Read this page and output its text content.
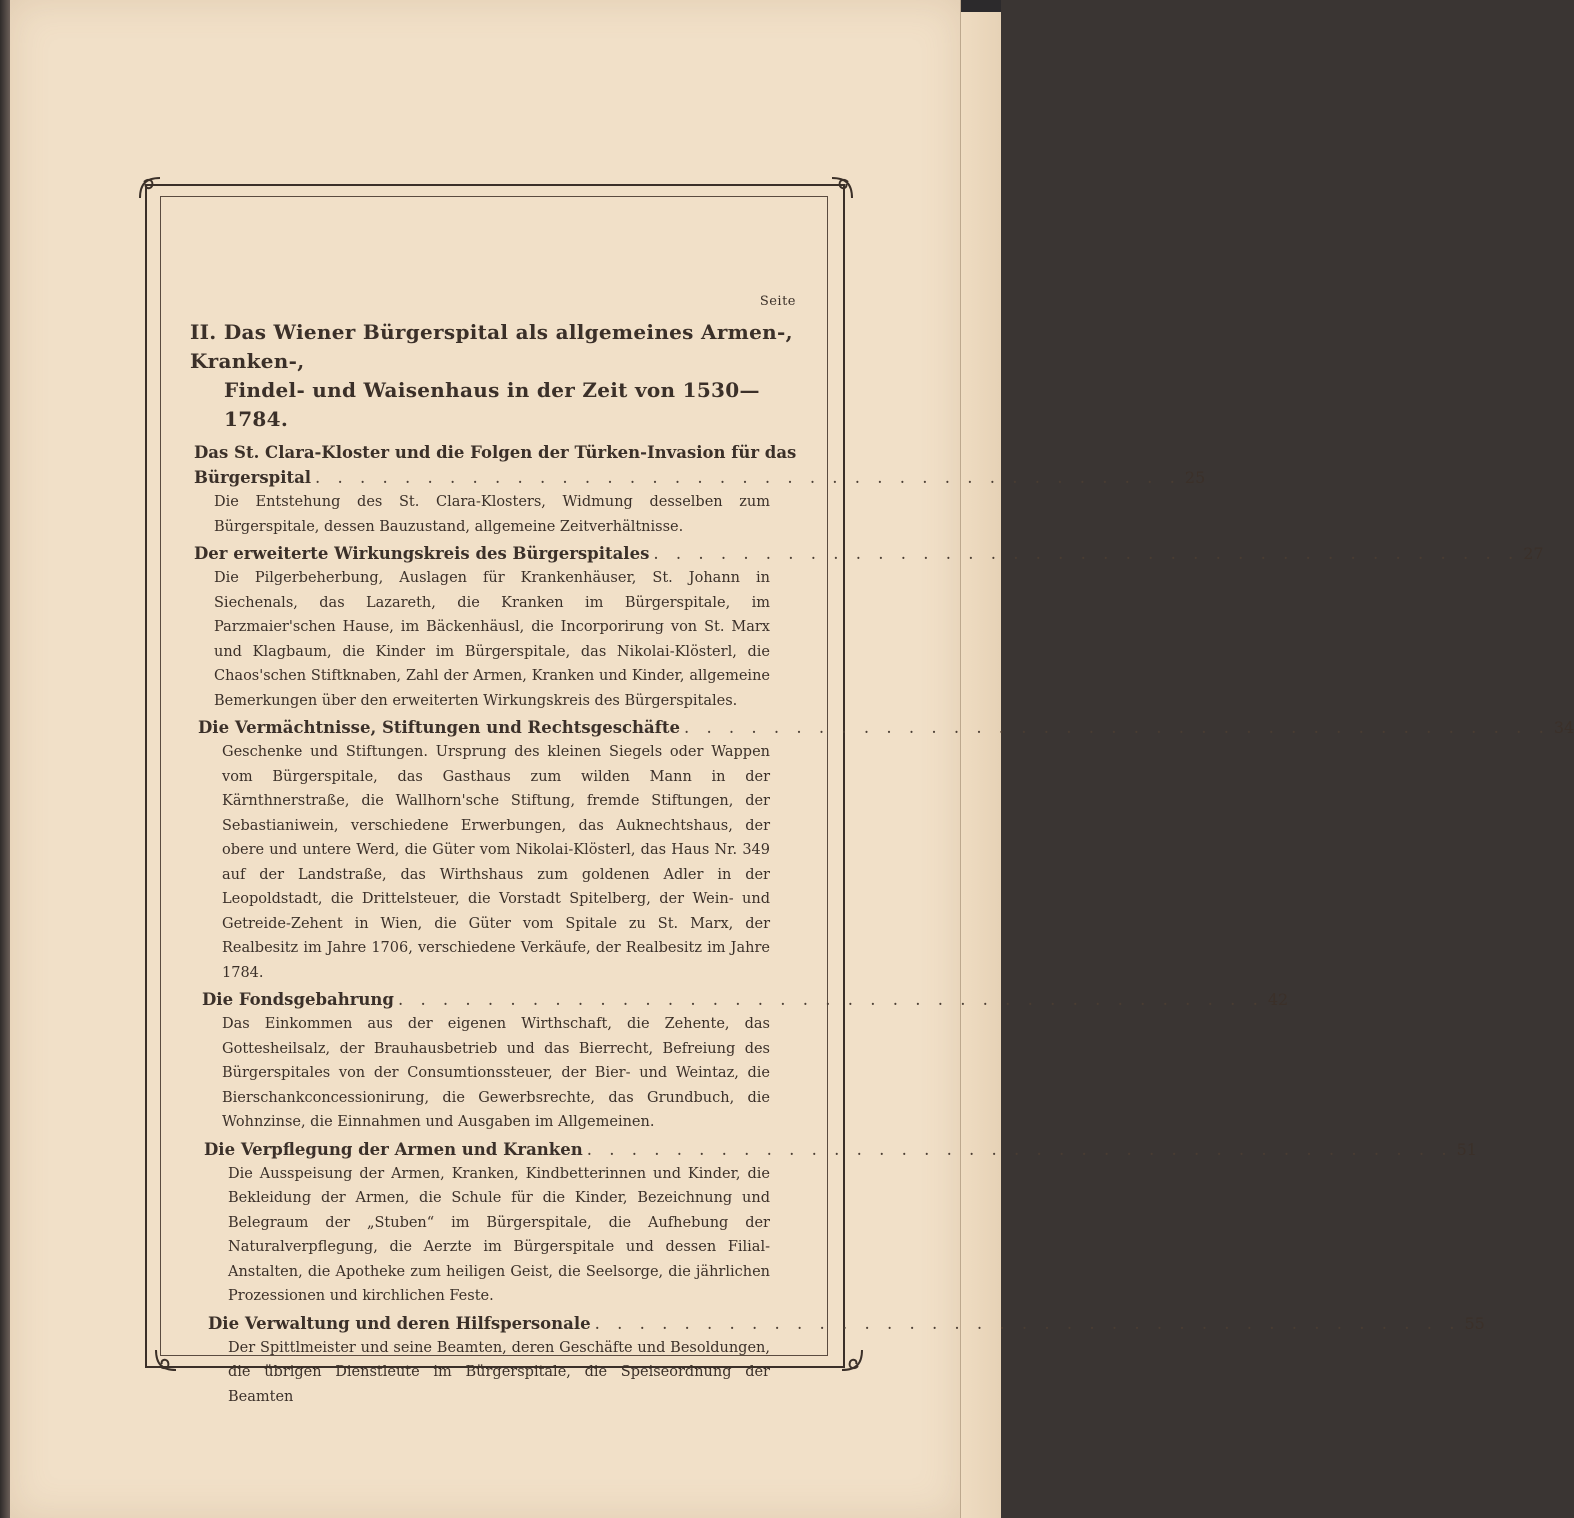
Seite
II. Das Wiener Bürgerspital als allgemeines Armen-, Kranken-,
Findel- und Waisenhaus in der Zeit von 1530—1784.
Das St. Clara-Kloster und die Folgen der Türken-Invasion für das
Bürgerspital . . . . . . . . . . . . . . . . . . . . . . . . . . . . . . . . . . . . . . . 25
Die Entstehung des St. Clara-Klosters, Widmung desselben zum Bürgerspitale, dessen Bauzustand, allgemeine Zeitverhältnisse.
Der erweiterte Wirkungskreis des Bürgerspitales . . . . . . . . . . . . . . . . . . . . . . . . . . . . . . . . . . . . . . . 27
Die Pilgerbeherbung, Auslagen für Krankenhäuser, St. Johann in Siechenals, das Lazareth, die Kranken im Bürgerspitale, im Parzmaier'schen Hause, im Bäckenhäusl, die Incorporirung von St. Marx und Klagbaum, die Kinder im Bürgerspitale, das Nikolai-Klösterl, die Chaos'schen Stiftknaben, Zahl der Armen, Kranken und Kinder, allgemeine Bemerkungen über den erweiterten Wirkungskreis des Bürgerspitales.
Die Vermächtnisse, Stiftungen und Rechtsgeschäfte . . . . . . . . . . . . . . . . . . . . . . . . . . . . . . . . . . . . . . . 34
Geschenke und Stiftungen. Ursprung des kleinen Siegels oder Wappen vom Bürgerspitale, das Gasthaus zum wilden Mann in der Kärnthnerstraße, die Wallhorn'sche Stiftung, fremde Stiftungen, der Sebastianiwein, verschiedene Erwerbungen, das Auknechtshaus, der obere und untere Werd, die Güter vom Nikolai-Klösterl, das Haus Nr. 349 auf der Landstraße, das Wirthshaus zum goldenen Adler in der Leopoldstadt, die Drittelsteuer, die Vorstadt Spitelberg, der Wein- und Getreide-Zehent in Wien, die Güter vom Spitale zu St. Marx, der Realbesitz im Jahre 1706, verschiedene Verkäufe, der Realbesitz im Jahre 1784.
Die Fondsgebahrung . . . . . . . . . . . . . . . . . . . . . . . . . . . . . . . . . . . . . . . 42
Das Einkommen aus der eigenen Wirthschaft, die Zehente, das Gottesheilsalz, der Brauhausbetrieb und das Bierrecht, Befreiung des Bürgerspitales von der Consumtionssteuer, der Bier- und Weintaz, die Bierschankconcessionirung, die Gewerbsrechte, das Grundbuch, die Wohnzinse, die Einnahmen und Ausgaben im Allgemeinen.
Die Verpflegung der Armen und Kranken . . . . . . . . . . . . . . . . . . . . . . . . . . . . . . . . . . . . . . . 51
Die Ausspeisung der Armen, Kranken, Kindbetterinnen und Kinder, die Bekleidung der Armen, die Schule für die Kinder, Bezeichnung und Belegraum der „Stuben“ im Bürgerspitale, die Aufhebung der Naturalverpflegung, die Aerzte im Bürgerspitale und dessen Filial-Anstalten, die Apotheke zum heiligen Geist, die Seelsorge, die jährlichen Prozessionen und kirchlichen Feste.
Die Verwaltung und deren Hilfspersonale . . . . . . . . . . . . . . . . . . . . . . . . . . . . . . . . . . . . . . . 55
Der Spittlmeister und seine Beamten, deren Geschäfte und Besoldungen, die übrigen Dienstleute im Bürgerspitale, die Speiseordnung der Beamten
